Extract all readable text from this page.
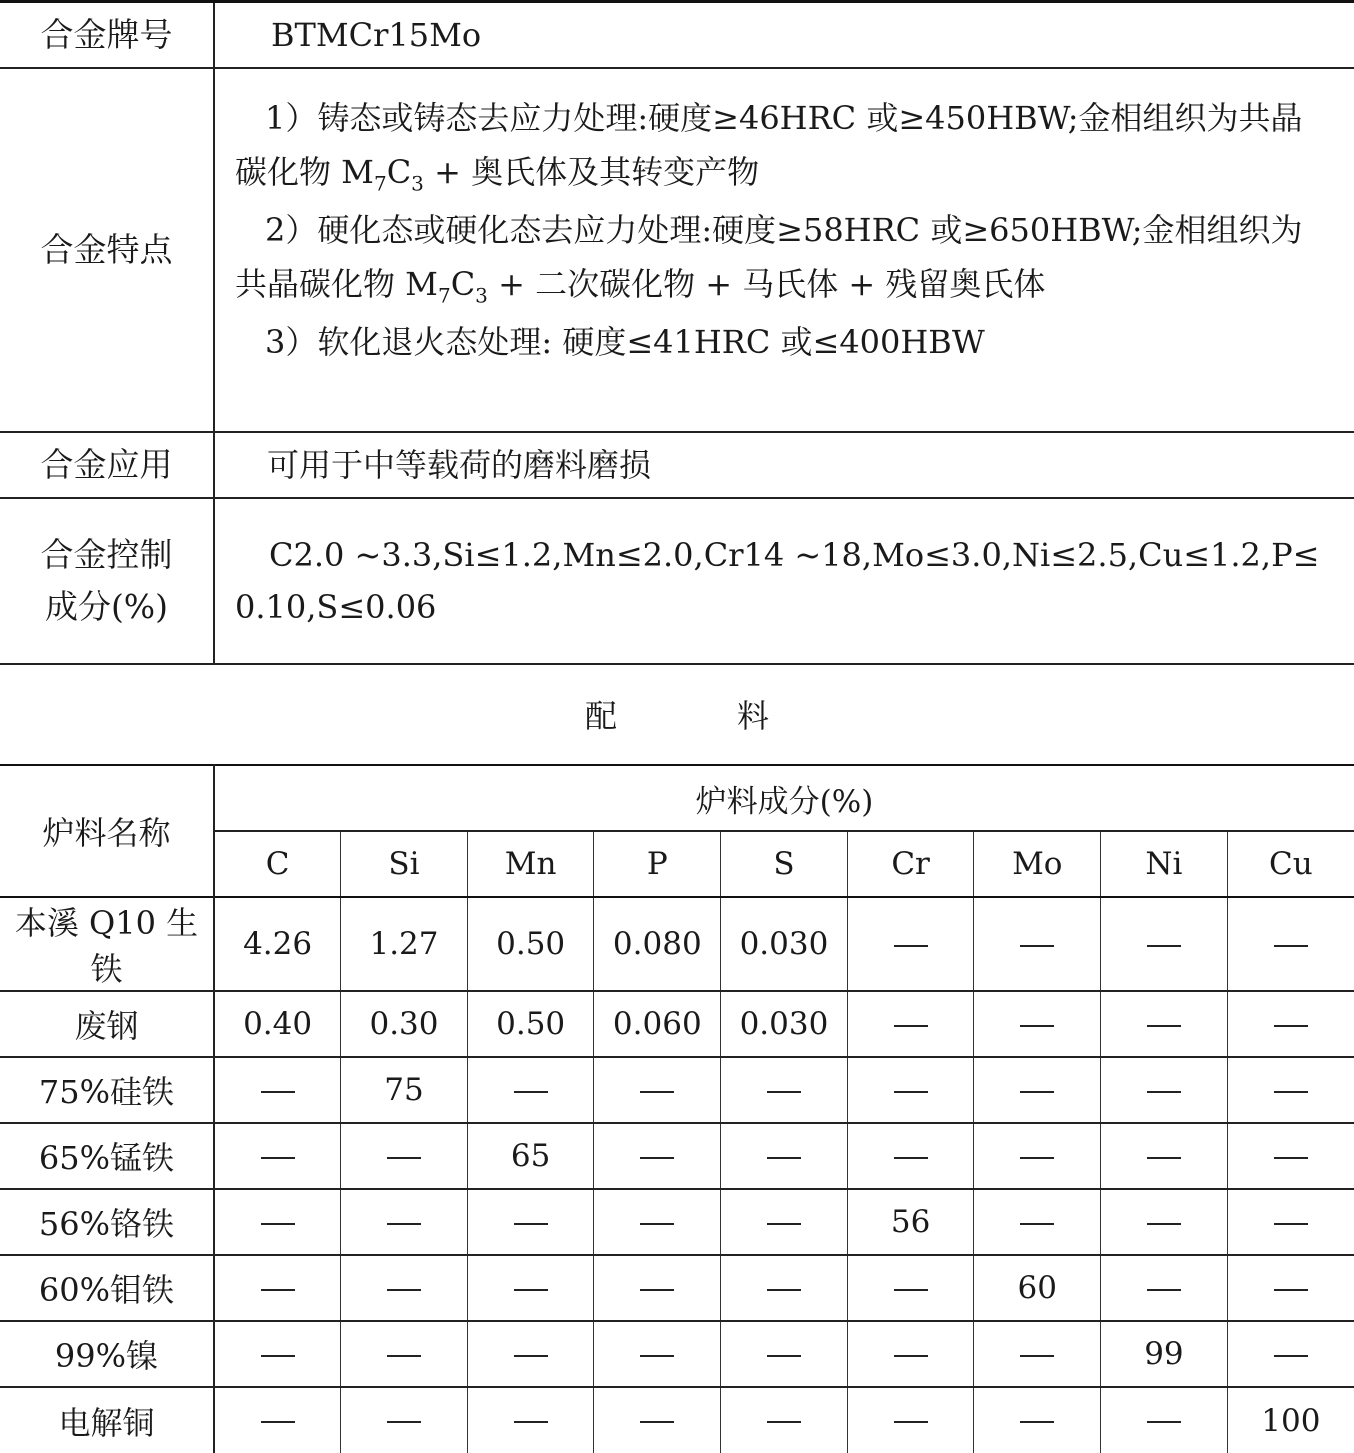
合金牌号	BTMCr15Mo
合金特点	1）铸态或铸态去应力处理:硬度≥46HRC 或≥450HBW;金相组织为共晶
碳化物 $M_7C_3$ + 奥氏体及其转变产物
2）硬化态或硬化态去应力处理:硬度≥58HRC 或≥650HBW;金相组织为
共晶碳化物 $M_7C_3$ + 二次碳化物 + 马氏体 + 残留奥氏体
3）软化退火态处理: 硬度≤41HRC 或≤400HBW

合金应用	可用于中等载荷的磨料磨损

合金控制
成分(%)	C2.0 ~3.3,Si≤1.2,Mn≤2.0,Cr14 ~18,Mo≤3.0,Ni≤2.5,Cu≤1.2,P≤
0.10,S≤0.06
配	料
炉料名称	炉料成分(%)								
	C	Si	Mn	P	S	Cr	Mo	Ni	Cu
本溪 Q10 生铁	4.26	1.27	0.50	0.080	0.030				
废钢	0.40	0.30	0.50	0.060	0.030				
75%硅铁		75							
65%锰铁			65						
56%铬铁						56			
60%钼铁							60		
99%镍								99	
电解铜									100
